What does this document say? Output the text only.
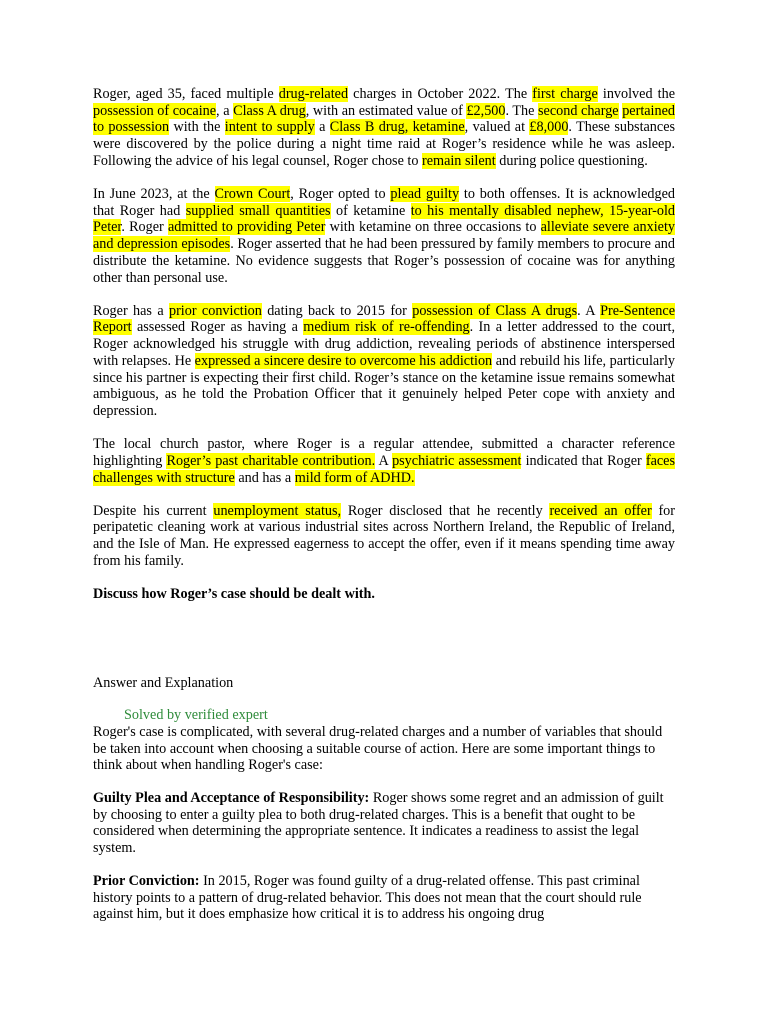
Roger, aged 35, faced multiple drug-related charges in October 2022. The first charge involved the possession of cocaine, a Class A drug, with an estimated value of £2,500. The second charge pertained to possession with the intent to supply a Class B drug, ketamine, valued at £8,000. These substances were discovered by the police during a night time raid at Roger’s residence while he was asleep. Following the advice of his legal counsel, Roger chose to remain silent during police questioning.

In June 2023, at the Crown Court, Roger opted to plead guilty to both offenses. It is acknowledged that Roger had supplied small quantities of ketamine to his mentally disabled nephew, 15-year-old Peter. Roger admitted to providing Peter with ketamine on three occasions to alleviate severe anxiety and depression episodes. Roger asserted that he had been pressured by family members to procure and distribute the ketamine. No evidence suggests that Roger’s possession of cocaine was for anything other than personal use.

Roger has a prior conviction dating back to 2015 for possession of Class A drugs. A Pre-Sentence Report assessed Roger as having a medium risk of re-offending. In a letter addressed to the court, Roger acknowledged his struggle with drug addiction, revealing periods of abstinence interspersed with relapses. He expressed a sincere desire to overcome his addiction and rebuild his life, particularly since his partner is expecting their first child. Roger’s stance on the ketamine issue remains somewhat ambiguous, as he told the Probation Officer that it genuinely helped Peter cope with anxiety and depression.

The local church pastor, where Roger is a regular attendee, submitted a character reference highlighting Roger’s past charitable contribution. A psychiatric assessment indicated that Roger faces challenges with structure and has a mild form of ADHD.

Despite his current unemployment status, Roger disclosed that he recently received an offer for peripatetic cleaning work at various industrial sites across Northern Ireland, the Republic of Ireland, and the Isle of Man. He expressed eagerness to accept the offer, even if it means spending time away from his family.

Discuss how Roger’s case should be dealt with.

Answer and Explanation

Solved by verified expert

Roger's case is complicated, with several drug-related charges and a number of variables that should be taken into account when choosing a suitable course of action. Here are some important things to think about when handling Roger's case:

Guilty Plea and Acceptance of Responsibility: Roger shows some regret and an admission of guilt by choosing to enter a guilty plea to both drug-related charges. This is a benefit that ought to be considered when determining the appropriate sentence. It indicates a readiness to assist the legal system.

Prior Conviction: In 2015, Roger was found guilty of a drug-related offense. This past criminal history points to a pattern of drug-related behavior. This does not mean that the court should rule against him, but it does emphasize how critical it is to address his ongoing drug
